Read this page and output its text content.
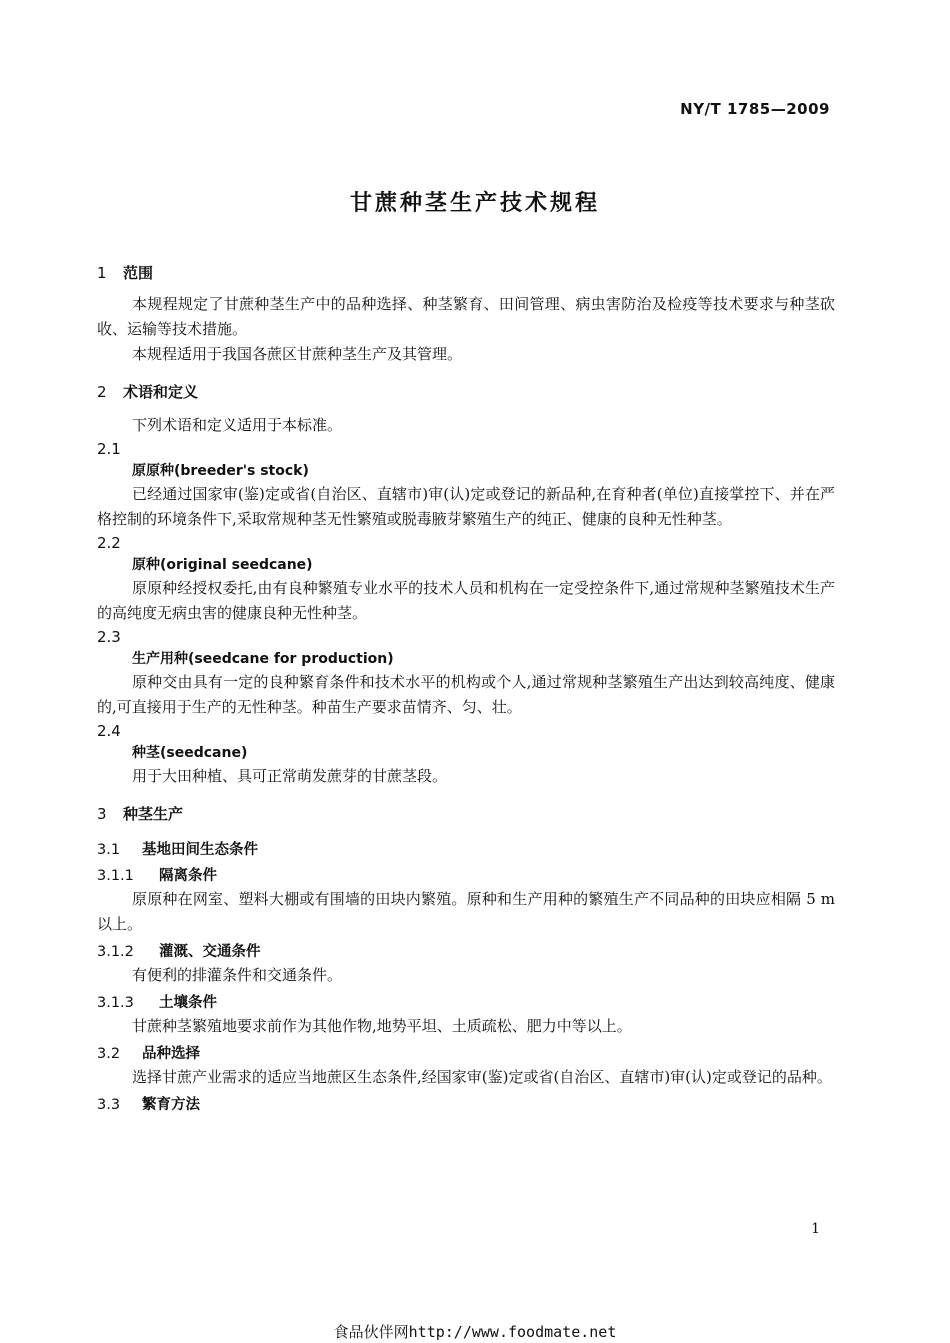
NY/T 1785—2009
甘蔗种茎生产技术规程
1 范围

本规程规定了甘蔗种茎生产中的品种选择、种茎繁育、田间管理、病虫害防治及检疫等技术要求与种茎砍收、运输等技术措施。

本规程适用于我国各蔗区甘蔗种茎生产及其管理。

2 术语和定义

下列术语和定义适用于本标准。

2.1
原原种(breeder's stock)

已经通过国家审(鉴)定或省(自治区、直辖市)审(认)定或登记的新品种,在育种者(单位)直接掌控下、并在严格控制的环境条件下,采取常规种茎无性繁殖或脱毒腋芽繁殖生产的纯正、健康的良种无性种茎。

2.2
原种(original seedcane)

原原种经授权委托,由有良种繁殖专业水平的技术人员和机构在一定受控条件下,通过常规种茎繁殖技术生产的高纯度无病虫害的健康良种无性种茎。

2.3
生产用种(seedcane for production)

原种交由具有一定的良种繁育条件和技术水平的机构或个人,通过常规种茎繁殖生产出达到较高纯度、健康的,可直接用于生产的无性种茎。种苗生产要求苗情齐、匀、壮。

2.4
种茎(seedcane)

用于大田种植、具可正常萌发蔗芽的甘蔗茎段。

3 种茎生产
3.1 基地田间生态条件
3.1.1 隔离条件

原原种在网室、塑料大棚或有围墙的田块内繁殖。原种和生产用种的繁殖生产不同品种的田块应相隔 5 m 以上。

3.1.2 灌溉、交通条件

有便利的排灌条件和交通条件。

3.1.3 土壤条件

甘蔗种茎繁殖地要求前作为其他作物,地势平坦、土质疏松、肥力中等以上。

3.2 品种选择

选择甘蔗产业需求的适应当地蔗区生态条件,经国家审(鉴)定或省(自治区、直辖市)审(认)定或登记的品种。

3.3 繁育方法
1
食品伙伴网http://www.foodmate.net
